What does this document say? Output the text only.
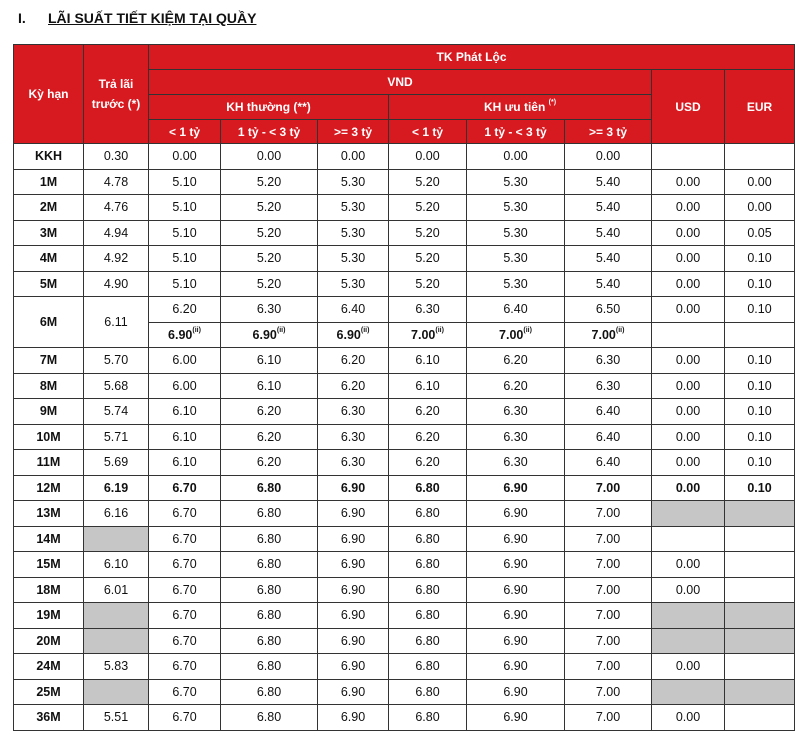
I. LÃI SUẤT TIẾT KIỆM TẠI QUẦY
Kỳ hạn	Trả lãi trước (*)	TK Phát Lộc							
		VND						USD	EUR
		KH thường (**)			KH ưu tiên (*)
		< 1 tỷ	1 tỷ - < 3 tỷ	>= 3 tỷ	< 1 tỷ	1 tỷ - < 3 tỷ	>= 3 tỷ		
KKH	0.30	0.00	0.00	0.00	0.00	0.00	0.00		
1M	4.78	5.10	5.20	5.30	5.20	5.30	5.40	0.00	0.00
2M	4.76	5.10	5.20	5.30	5.20	5.30	5.40	0.00	0.00
3M	4.94	5.10	5.20	5.30	5.20	5.30	5.40	0.00	0.05
4M	4.92	5.10	5.20	5.30	5.20	5.30	5.40	0.00	0.10
5M	4.90	5.10	5.20	5.30	5.20	5.30	5.40	0.00	0.10
6M	6.11	6.20	6.30	6.40	6.30	6.40	6.50	0.00	0.10
		6.90$^{(ii)}$	6.90$^{(ii)}$	6.90$^{(ii)}$	7.00$^{(ii)}$	7.00$^{(ii)}$	7.00$^{(ii)}$		
7M	5.70	6.00	6.10	6.20	6.10	6.20	6.30	0.00	0.10
8M	5.68	6.00	6.10	6.20	6.10	6.20	6.30	0.00	0.10
9M	5.74	6.10	6.20	6.30	6.20	6.30	6.40	0.00	0.10
10M	5.71	6.10	6.20	6.30	6.20	6.30	6.40	0.00	0.10
11M	5.69	6.10	6.20	6.30	6.20	6.30	6.40	0.00	0.10
12M	6.19	6.70	6.80	6.90	6.80	6.90	7.00	0.00	0.10
13M	6.16	6.70	6.80	6.90	6.80	6.90	7.00		
14M		6.70	6.80	6.90	6.80	6.90	7.00		
15M	6.10	6.70	6.80	6.90	6.80	6.90	7.00	0.00	
18M	6.01	6.70	6.80	6.90	6.80	6.90	7.00	0.00	
19M		6.70	6.80	6.90	6.80	6.90	7.00		
20M		6.70	6.80	6.90	6.80	6.90	7.00		
24M	5.83	6.70	6.80	6.90	6.80	6.90	7.00	0.00	
25M		6.70	6.80	6.90	6.80	6.90	7.00		
36M	5.51	6.70	6.80	6.90	6.80	6.90	7.00	0.00	
